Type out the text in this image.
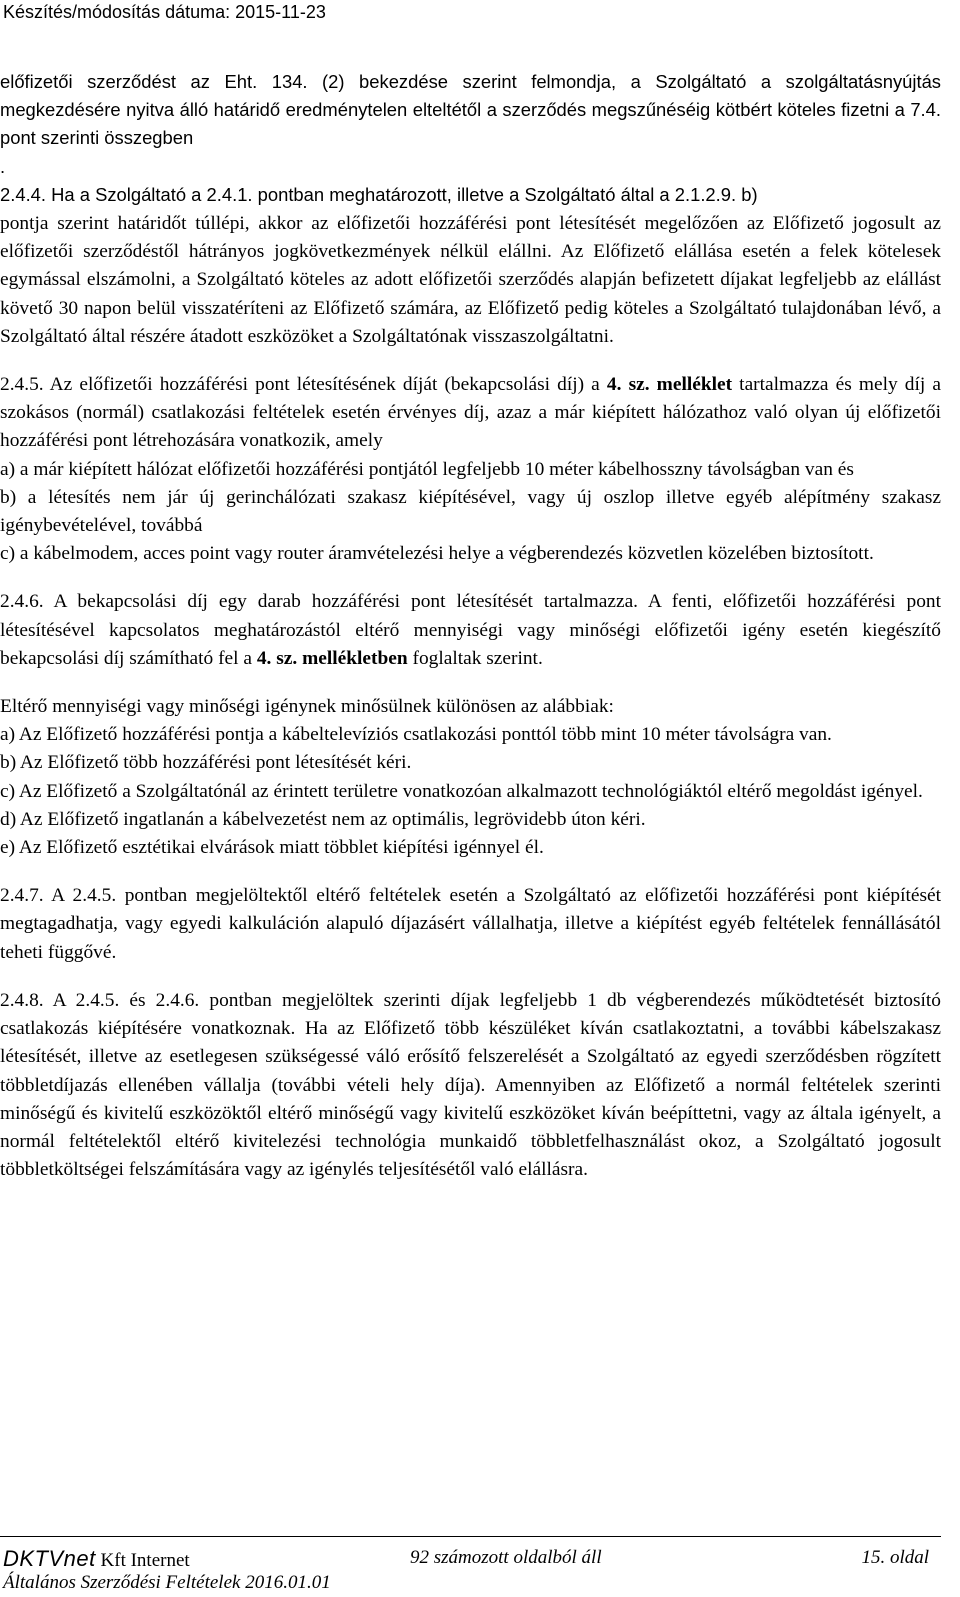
Készítés/módosítás dátuma: 2015-11-23

előfizetői szerződést az Eht. 134. (2) bekezdése szerint felmondja, a Szolgáltató a szolgáltatásnyújtás megkezdésére nyitva álló határidő eredménytelen elteltétől a szerződés megszűnéséig kötbért köteles fizetni a 7.4. pont szerinti összegben

.

2.4.4. Ha a Szolgáltató a 2.4.1. pontban meghatározott, illetve a Szolgáltató által a 2.1.2.9. b)

pontja szerint határidőt túllépi, akkor az előfizetői hozzáférési pont létesítését megelőzően az Előfizető jogosult az előfizetői szerződéstől hátrányos jogkövetkezmények nélkül elállni. Az Előfizető elállása esetén a felek kötelesek egymással elszámolni, a Szolgáltató köteles az adott előfizetői szerződés alapján befizetett díjakat legfeljebb az elállást követő 30 napon belül visszatéríteni az Előfizető számára, az Előfizető pedig köteles a Szolgáltató tulajdonában lévő, a Szolgáltató által részére átadott eszközöket a Szolgáltatónak visszaszolgáltatni.

2.4.5. Az előfizetői hozzáférési pont létesítésének díját (bekapcsolási díj) a 4. sz. melléklet tartalmazza és mely díj a szokásos (normál) csatlakozási feltételek esetén érvényes díj, azaz a már kiépített hálózathoz való olyan új előfizetői hozzáférési pont létrehozására vonatkozik, amely

a) a már kiépített hálózat előfizetői hozzáférési pontjától legfeljebb 10 méter kábelhosszny távolságban van és

b) a létesítés nem jár új gerinchálózati szakasz kiépítésével, vagy új oszlop illetve egyéb alépítmény szakasz igénybevételével, továbbá

c) a kábelmodem, acces point vagy router áramvételezési helye a végberendezés közvetlen közelében biztosított.

2.4.6. A bekapcsolási díj egy darab hozzáférési pont létesítését tartalmazza. A fenti, előfizetői hozzáférési pont létesítésével kapcsolatos meghatározástól eltérő mennyiségi vagy minőségi előfizetői igény esetén kiegészítő bekapcsolási díj számítható fel a 4. sz. mellékletben foglaltak szerint.

Eltérő mennyiségi vagy minőségi igénynek minősülnek különösen az alábbiak:

a) Az Előfizető hozzáférési pontja a kábeltelevíziós csatlakozási ponttól több mint 10 méter távolságra van.

b) Az Előfizető több hozzáférési pont létesítését kéri.

c) Az Előfizető a Szolgáltatónál az érintett területre vonatkozóan alkalmazott technológiáktól eltérő megoldást igényel.

d) Az Előfizető ingatlanán a kábelvezetést nem az optimális, legrövidebb úton kéri.

e) Az Előfizető esztétikai elvárások miatt többlet kiépítési igénnyel él.

2.4.7. A 2.4.5. pontban megjelöltektől eltérő feltételek esetén a Szolgáltató az előfizetői hozzáférési pont kiépítését megtagadhatja, vagy egyedi kalkuláción alapuló díjazásért vállalhatja, illetve a kiépítést egyéb feltételek fennállásától teheti függővé.

2.4.8. A 2.4.5. és 2.4.6. pontban megjelöltek szerinti díjak legfeljebb 1 db végberendezés működtetését biztosító csatlakozás kiépítésére vonatkoznak. Ha az Előfizető több készüléket kíván csatlakoztatni, a további kábelszakasz létesítését, illetve az esetlegesen szükségessé váló erősítő felszerelését a Szolgáltató az egyedi szerződésben rögzített többletdíjazás ellenében vállalja (további vételi hely díja). Amennyiben az Előfizető a normál feltételek szerinti minőségű és kivitelű eszközöktől eltérő minőségű vagy kivitelű eszközöket kíván beépíttetni, vagy az általa igényelt, a normál feltételektől eltérő kivitelezési technológia munkaidő többletfelhasználást okoz, a Szolgáltató jogosult többletköltségei felszámítására vagy az igénylés teljesítésétől való elállásra.

DKTVnet Kft Internet	92 számozott oldalból áll	15. oldal
Általános Szerződési Feltételek 2016.01.01
